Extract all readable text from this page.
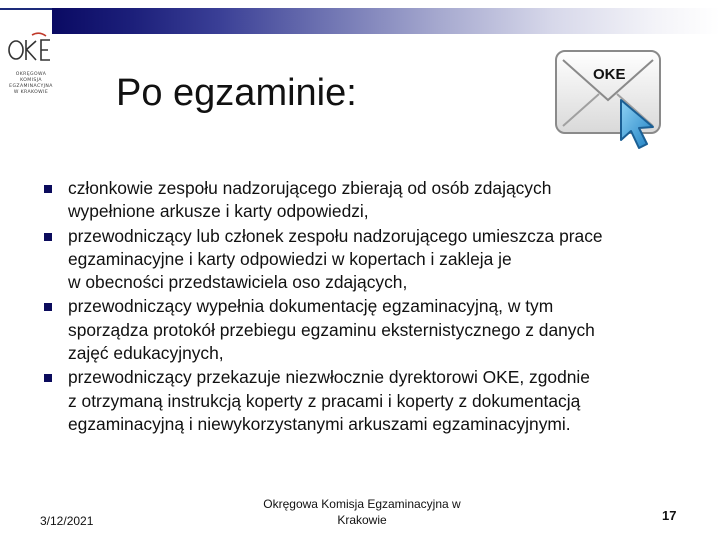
OKRĘGOWA
KOMISJA
EGZAMINACYJNA
W KRAKOWIE	Po egzaminie:	OKE
członkowie zespołu nadzorującego zbierają od osób zdających
wypełnione arkusze i karty odpowiedzi,
przewodniczący lub członek zespołu nadzorującego umieszcza prace
egzaminacyjne i karty odpowiedzi w kopertach i zakleja je
w obecności przedstawiciela oso zdających,
przewodniczący wypełnia dokumentację egzaminacyjną, w tym
sporządza protokół przebiegu egzaminu eksternistycznego z danych
zajęć edukacyjnych,
przewodniczący przekazuje niezwłocznie dyrektorowi OKE, zgodnie
z otrzymaną instrukcją koperty z pracami i koperty z dokumentacją
egzaminacyjną i niewykorzystanymi arkuszami egzaminacyjnymi.
3/12/2021
Okręgowa Komisja Egzaminacyjna w
Krakowie	17
